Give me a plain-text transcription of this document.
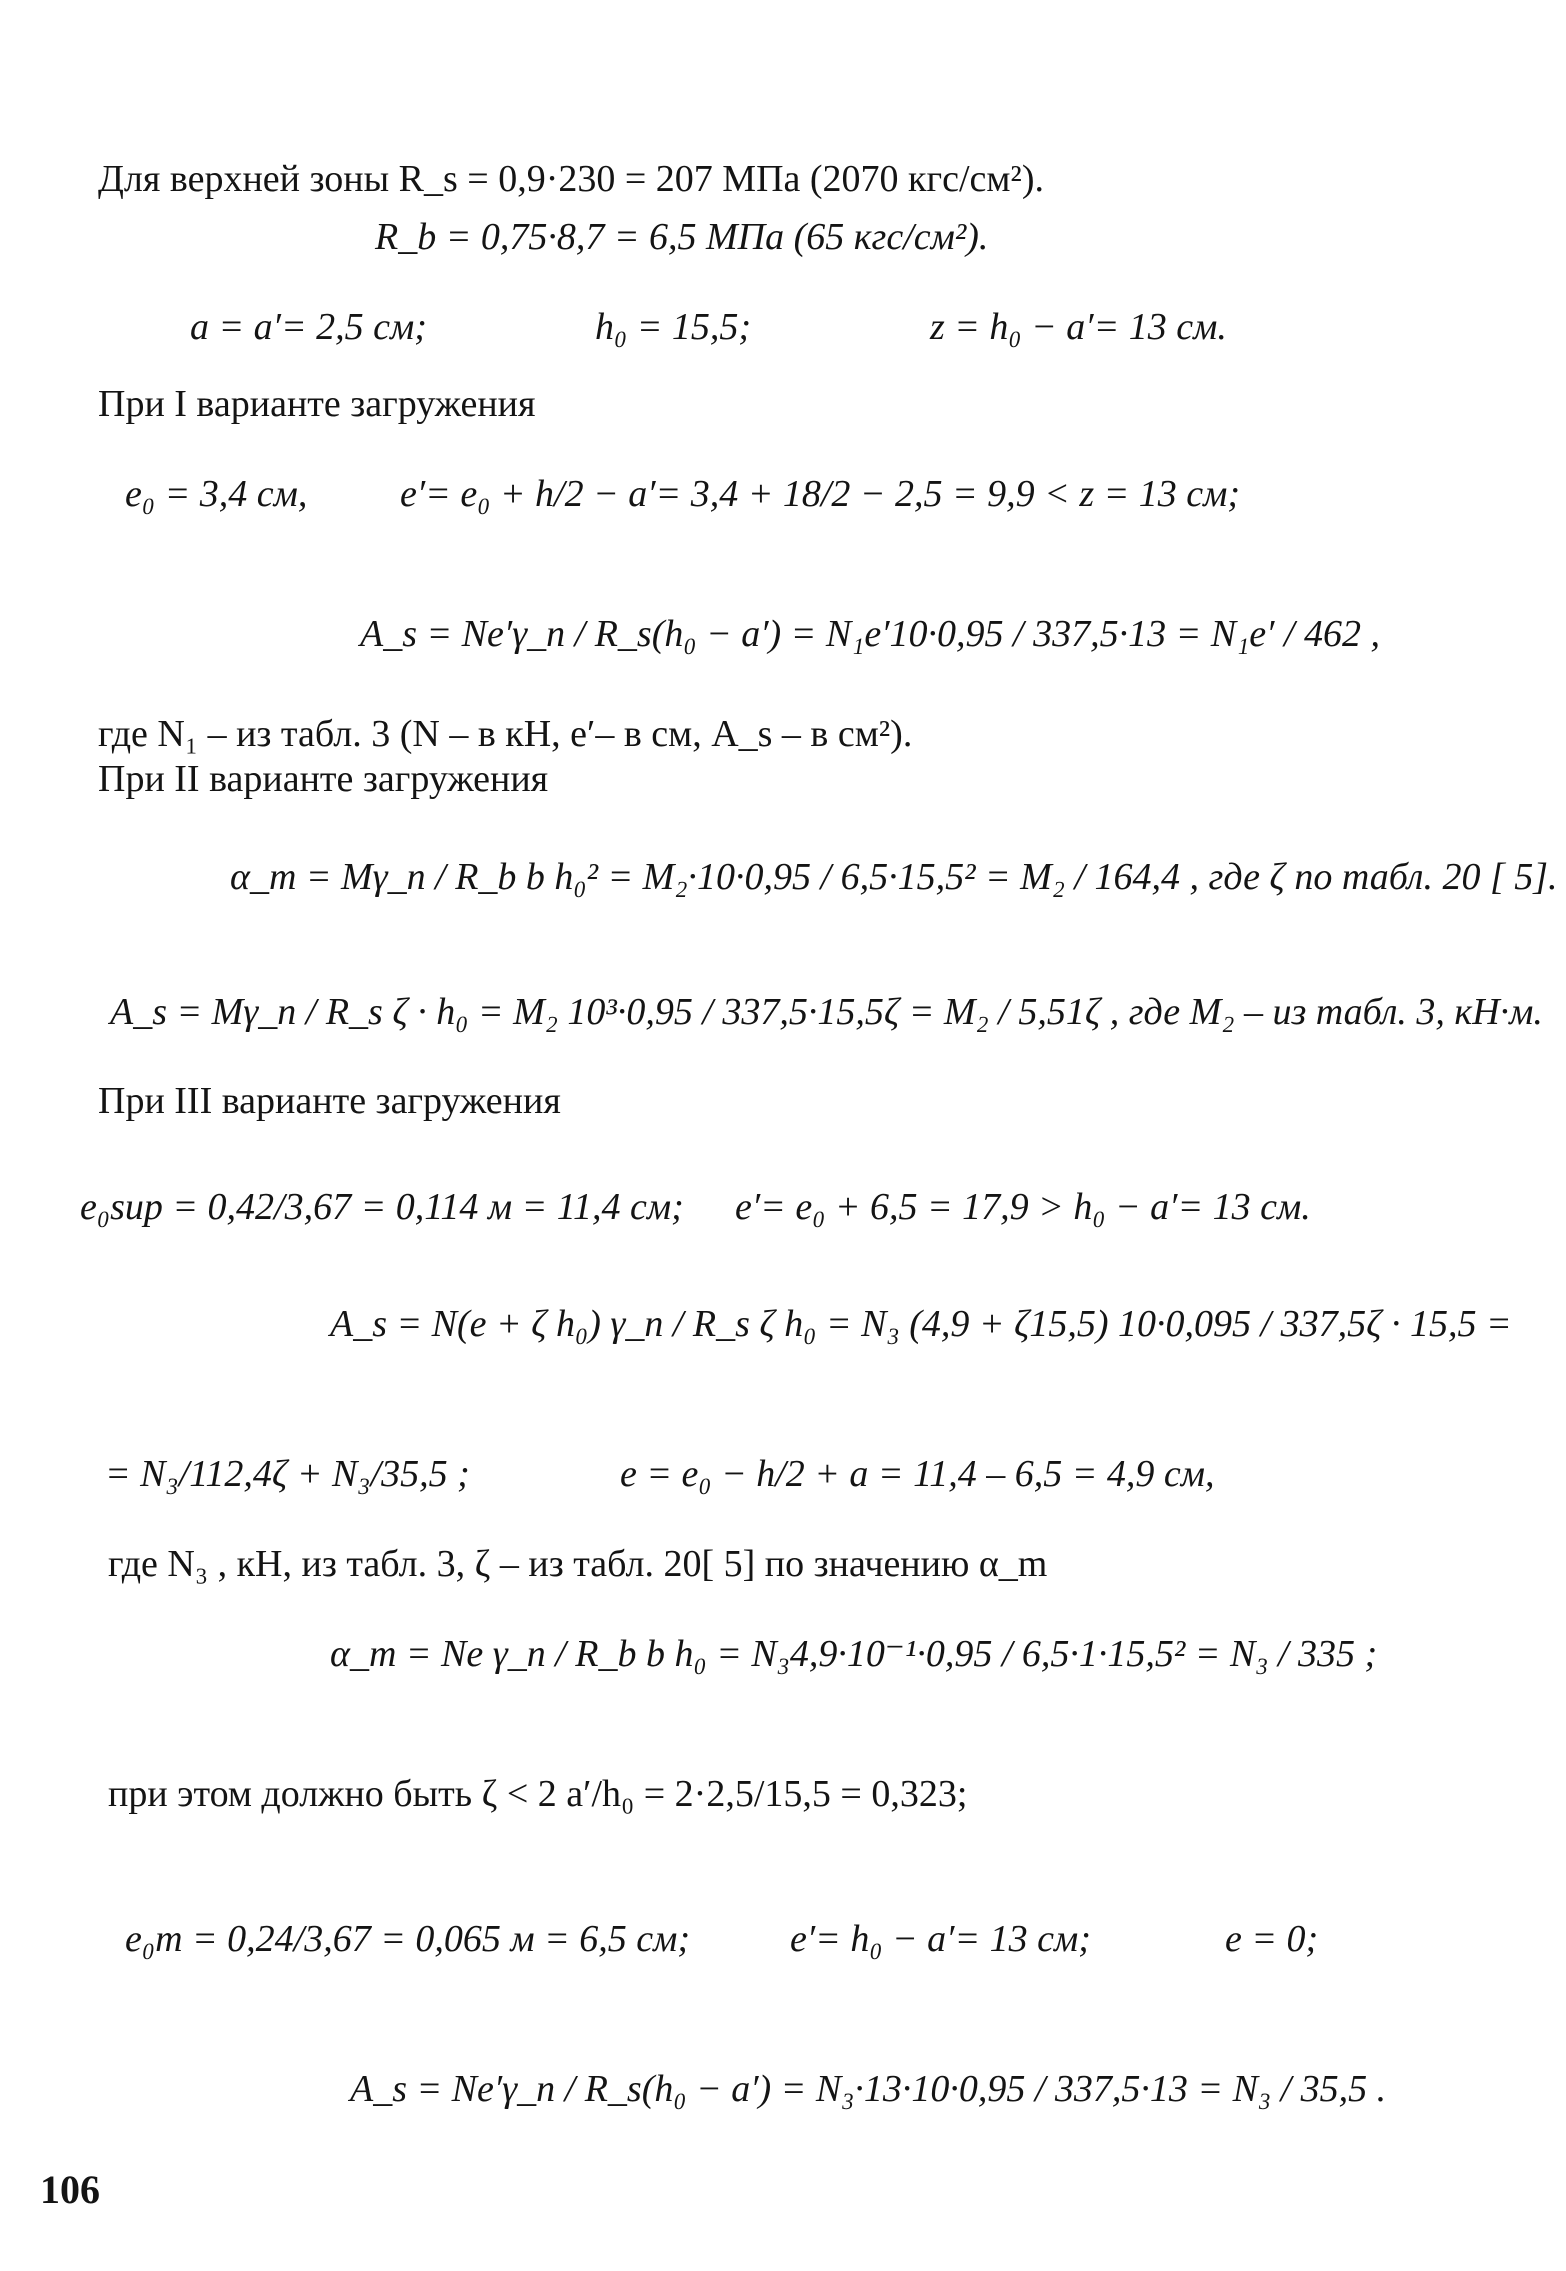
Для верхней зоны R_s = 0,9·230 = 207 МПа (2070 кгс/см²).
R_b = 0,75·8,7 = 6,5 МПа (65 кгс/см²).
a = a′= 2,5 см;	h₀ = 15,5;	z = h₀ − a′= 13 см.
При I варианте загружения
e₀ = 3,4 см, e′= e₀ + h/2 − a′= 3,4 + 18/2 − 2,5 = 9,9 < z = 13 см;
A_s = Ne′γ_n / R_s(h₀ − a′) = N₁e′10·0,95 / 337,5·13 = N₁e′ / 462 ,
где N₁ – из табл. 3 (N – в кН, e′– в см, A_s – в см²).
При II варианте загружения
α_m = Mγ_n / R_b b h₀² = M₂·10·0,95 / 6,5·15,5² = M₂ / 164,4 , где ζ по табл. 20 [ 5].
A_s = Mγ_n / R_s ζ · h₀ = M₂ 10³·0,95 / 337,5·15,5ζ = M₂ / 5,51ζ , где M₂ – из табл. 3, кН·м.
При III варианте загружения
e₀sup = 0,42/3,67 = 0,114 м = 11,4 см; e′= e₀ + 6,5 = 17,9 > h₀ − a′= 13 см.
A_s = N(e + ζ h₀) γ_n / R_s ζ h₀ = N₃ (4,9 + ζ15,5) 10·0,095 / 337,5ζ · 15,5 =
= N₃/112,4ζ + N₃/35,5 ;	e = e₀ − h/2 + a = 11,4 – 6,5 = 4,9 см,
где N₃ , кН, из табл. 3, ζ – из табл. 20[ 5] по значению α_m
α_m = Ne γ_n / R_b b h₀ = N₃4,9·10⁻¹·0,95 / 6,5·1·15,5² = N₃ / 335 ;
при этом должно быть ζ < 2 a′/h₀ = 2·2,5/15,5 = 0,323;
e₀m = 0,24/3,67 = 0,065 м = 6,5 см;	e′= h₀ − a′= 13 см;	e = 0;
A_s = Ne′γ_n / R_s(h₀ − a′) = N₃·13·10·0,95 / 337,5·13 = N₃ / 35,5 .
106
